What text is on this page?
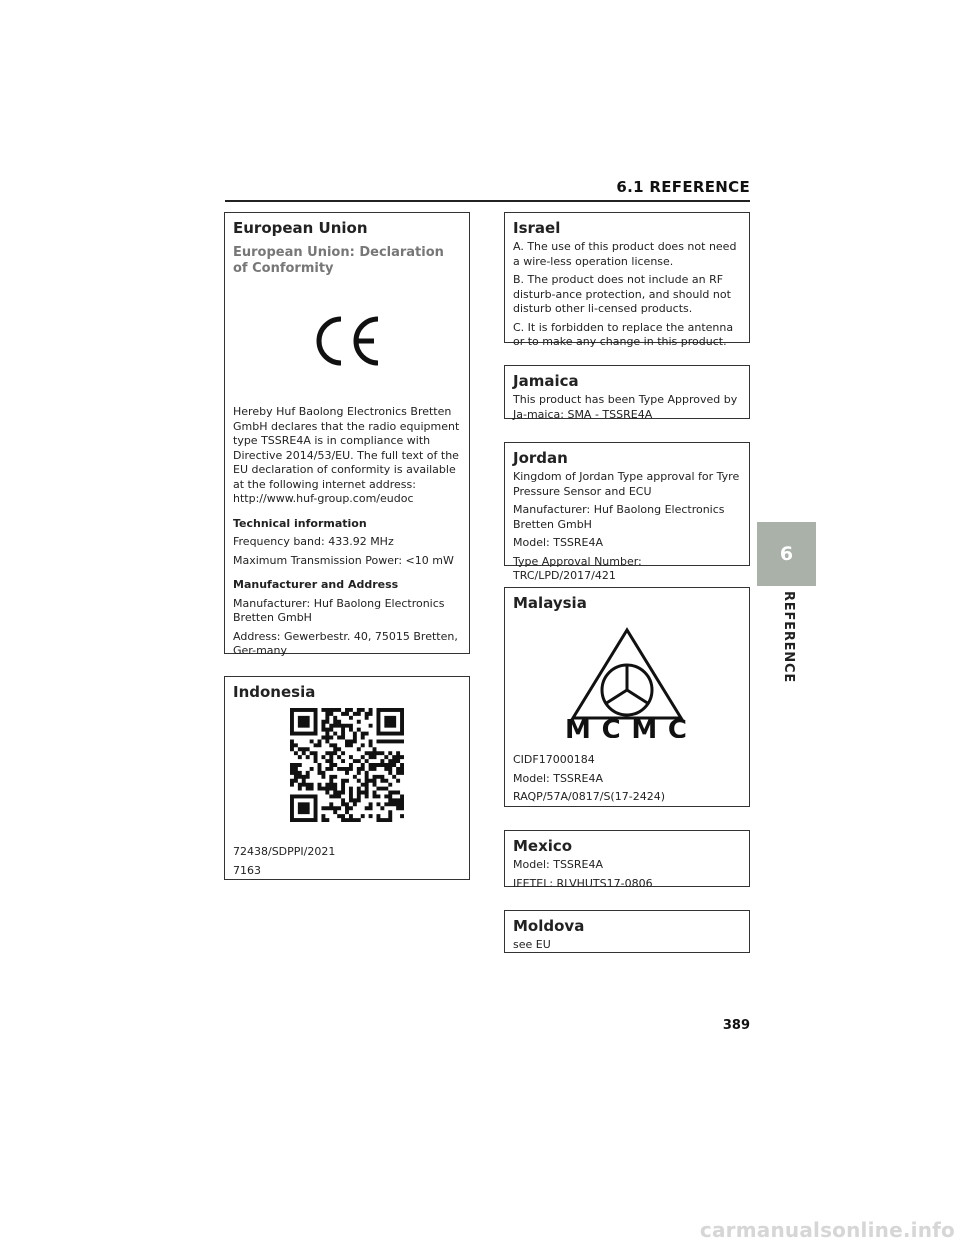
6.1 REFERENCE
6
REFERENCE
European Union
European Union: Declaration of Conformity

Hereby Huf Baolong Electronics Bretten GmbH declares that the radio equipment type TSSRE4A is in compliance with Directive 2014/53/EU. The full text of the EU declaration of conformity is available at the following internet address: http://www.huf-group.com/eudoc

Technical information

Frequency band: 433.92 MHz

Maximum Transmission Power: <10 mW

Manufacturer and Address

Manufacturer: Huf Baolong Electronics Bretten GmbH

Address: Gewerbestr. 40, 75015 Bretten, Ger-many

Indonesia

72438/SDPPI/2021

7163

Israel

A. The use of this product does not need a wire-less operation license.

B. The product does not include an RF disturb-ance protection, and should not disturb other li-censed products.

C. It is forbidden to replace the antenna or to make any change in this product.

Jamaica

This product has been Type Approved by Ja-maica: SMA - TSSRE4A

Jordan

Kingdom of Jordan Type approval for Tyre Pressure Sensor and ECU

Manufacturer: Huf Baolong Electronics Bretten GmbH

Model: TSSRE4A

Type Approval Number: TRC/LPD/2017/421

Malaysia
MCMC

CIDF17000184

Model: TSSRE4A

RAQP/57A/0817/S(17-2424)

Mexico

Model: TSSRE4A

IFETEL: RLVHUTS17-0806

Moldova

see EU

389
carmanualsonline.info
